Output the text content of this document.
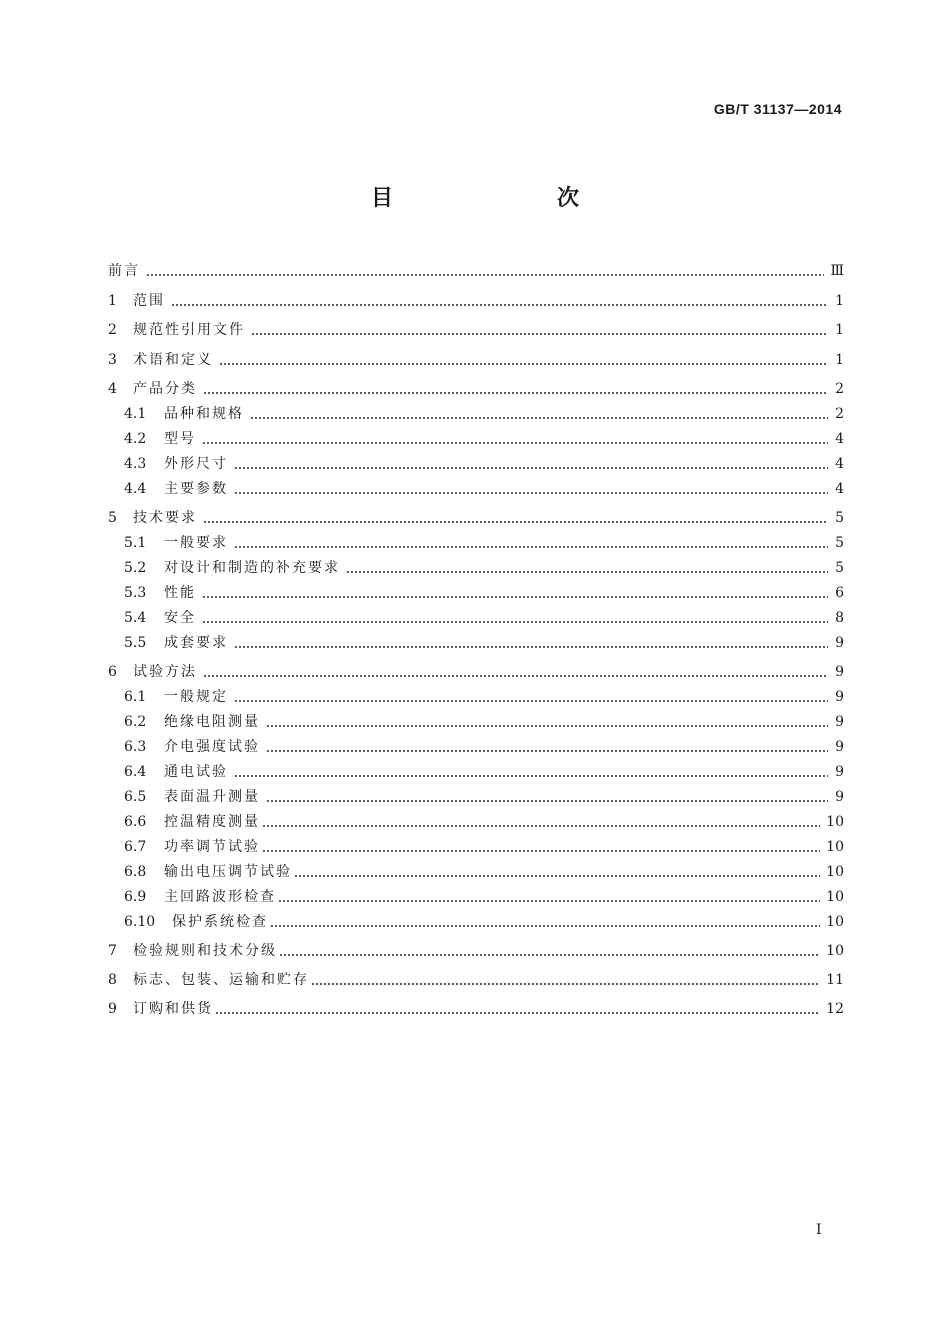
GB/T 31137—2014
目　　次
前言	Ⅲ
1	范围	1
2	规范性引用文件	1
3	术语和定义	1
4	产品分类	2
4.1	品种和规格	2
4.2	型号	4
4.3	外形尺寸	4
4.4	主要参数	4
5	技术要求	5
5.1	一般要求	5
5.2	对设计和制造的补充要求	5
5.3	性能	6
5.4	安全	8
5.5	成套要求	9
6	试验方法	9
6.1	一般规定	9
6.2	绝缘电阻测量	9
6.3	介电强度试验	9
6.4	通电试验	9
6.5	表面温升测量	9
6.6	控温精度测量	10
6.7	功率调节试验	10
6.8	输出电压调节试验	10
6.9	主回路波形检查	10
6.10	保护系统检查	10
7	检验规则和技术分级	10
8	标志、包装、运输和贮存	11
9	订购和供货	12
I
